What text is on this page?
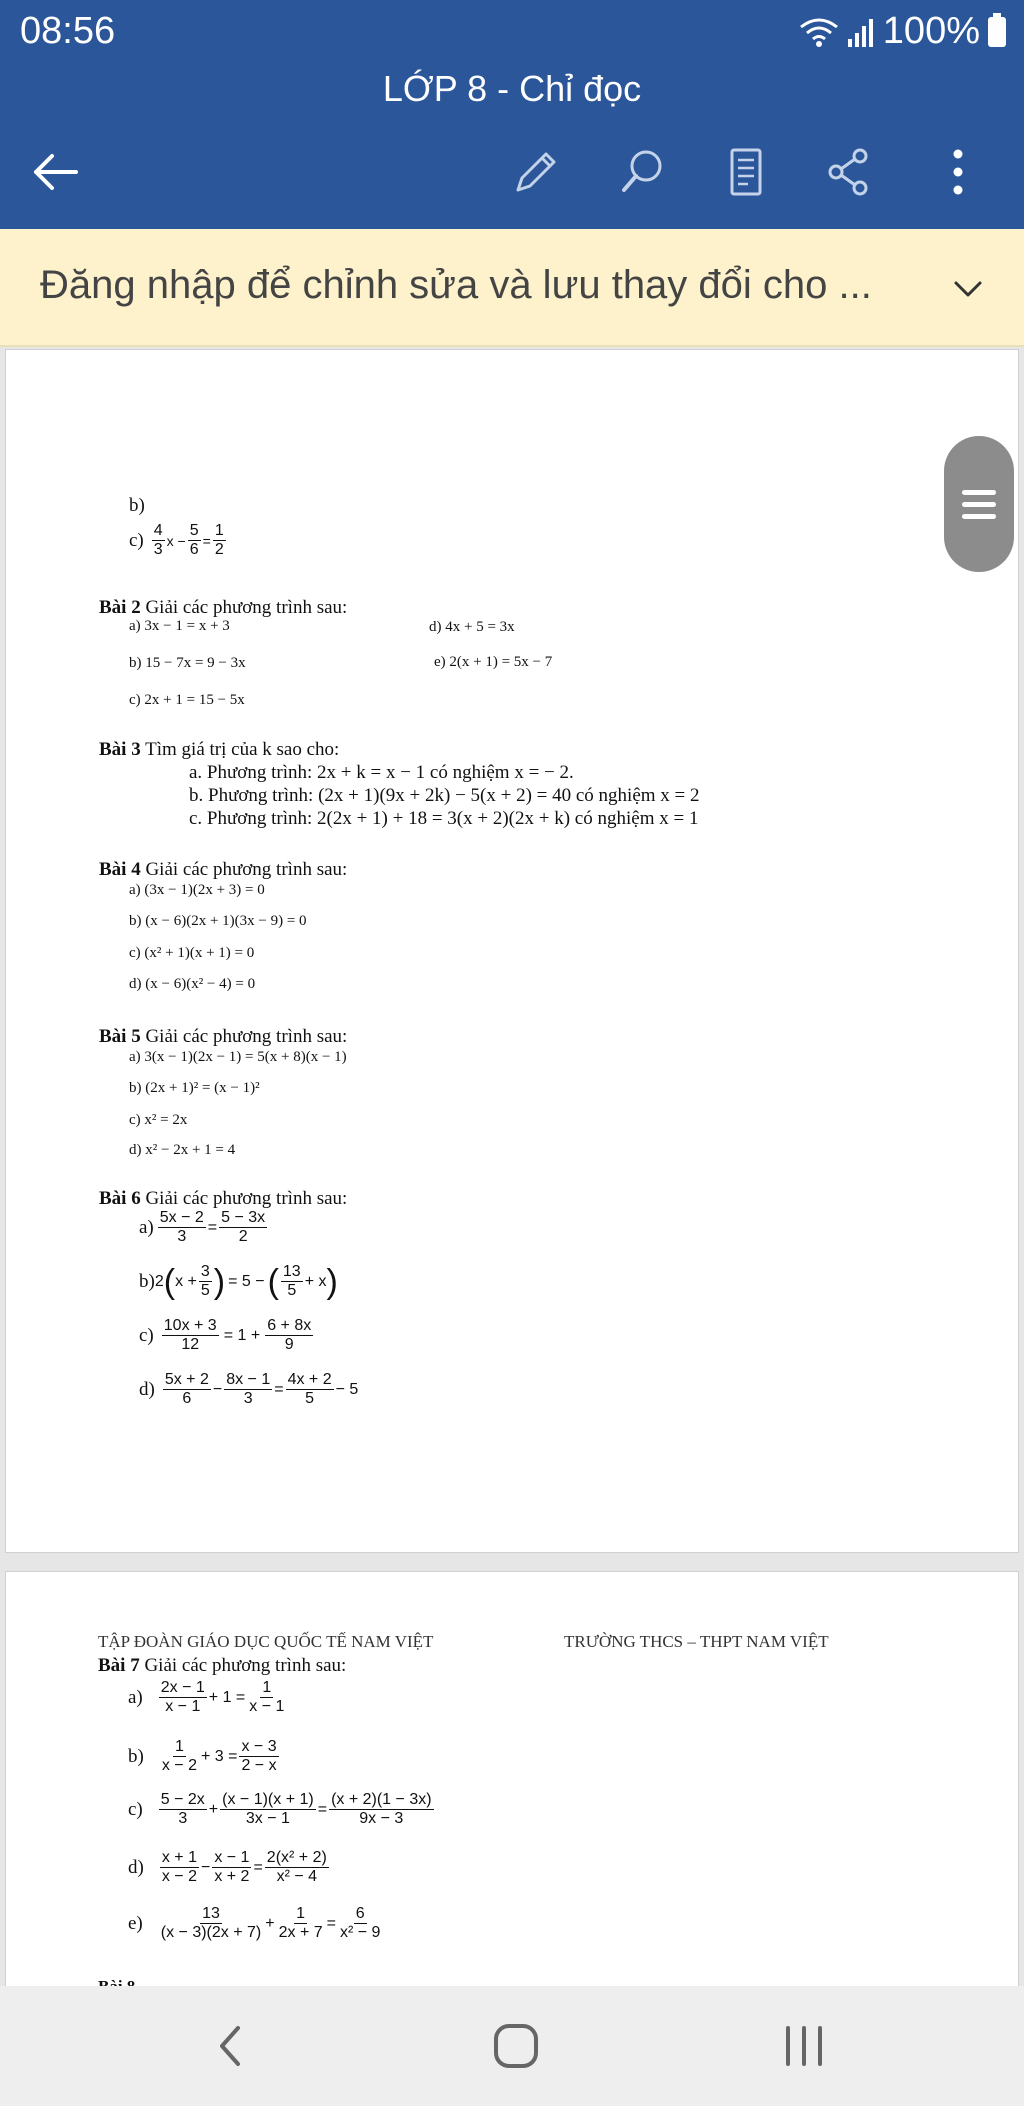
08:56	100%
LỚP 8 - Chỉ đọc
Đăng nhập để chỉnh sửa và lưu thay đổi cho ...
b)
$c) \frac{4}{3}$ $x - \frac{5}{6} = \frac{1}{2}$
Bài 2 Giải các phương trình sau:
a) 3x − 1 = x + 3
b) 15 − 7x = 9 − 3x
c) 2x + 1 = 15 − 5x
d) 4x + 5 = 3x
e) 2(x + 1) = 5x − 7
Bài 3 Tìm giá trị của k sao cho:
a. Phương trình: 2x + k = x − 1 có nghiệm x = − 2.
b. Phương trình: (2x + 1)(9x + 2k) − 5(x + 2) = 40 có nghiệm x = 2
c. Phương trình: 2(2x + 1) + 18 = 3(x + 2)(2x + k) có nghiệm x = 1
Bài 4 Giải các phương trình sau:
a) (3x − 1)(2x + 3) = 0
b) (x − 6)(2x + 1)(3x − 9) = 0
c) (x² + 1)(x + 1) = 0
d) (x − 6)(x² − 4) = 0
Bài 5 Giải các phương trình sau:
a) 3(x − 1)(2x − 1) = 5(x + 8)(x − 1)
b) (2x + 1)² = (x − 1)²
c) x² = 2x
d) x² − 2x + 1 = 4
Bài 6 Giải các phương trình sau:
$a) \frac{5x - 2}{3} = \frac{5 - 3x}{2}$
b) 2 ( $x + \frac{3}{5}$ ) = 5 − ( $\frac{13}{5} + x$ )
$c) \frac{10x + 3}{12} = 1 + \frac{6 + 8x}{9}$
$d) \frac{5x + 2}{6} - \frac{8x - 1}{3} = \frac{4x + 2}{5} - 5$
TẬP ĐOÀN GIÁO DỤC QUỐC TẾ NAM VIỆT	TRƯỜNG THCS – THPT NAM VIỆT
Bài 7 Giải các phương trình sau:
$a) \frac{2x - 1}{x - 1} + 1 = \frac{1}{x - 1}$
$b) \frac{1}{x - 2} + 3 = \frac{x - 3}{2 - x}$
$c) \frac{5 - 2x}{3} + \frac{(x - 1)(x + 1)}{3x - 1} = \frac{(x + 2)(1 - 3x)}{9x - 3}$
$d) \frac{x + 1}{x - 2} - \frac{x - 1}{x + 2} = \frac{\text{2(x² + 2)}}{\text{x² − 4}}$
$e) \frac{13}{(x - 3)(2x + 7)} + \frac{1}{2x + 7} = \frac{6}{\text{x² − 9}}$
